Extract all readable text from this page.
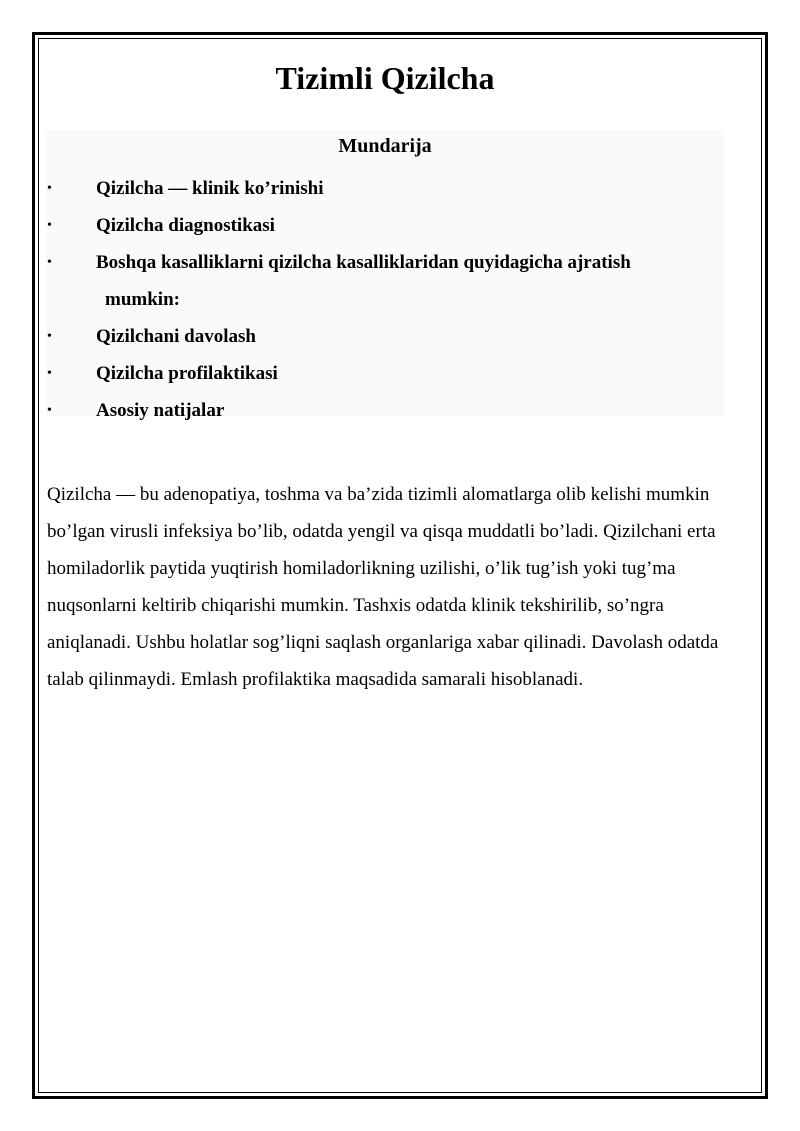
Tizimli Qizilcha
Mundarija
• Qizilcha — klinik ko’rinishi
• Qizilcha diagnostikasi
• Boshqa kasalliklarni qizilcha kasalliklaridan quyidagicha ajratish
mumkin:
• Qizilchani davolash
• Qizilcha profilaktikasi
• Asosiy natijalar

Qizilcha — bu adenopatiya, toshma va ba’zida tizimli alomatlarga olib kelishi mumkin bo’lgan virusli infeksiya bo’lib, odatda yengil va qisqa muddatli bo’ladi. Qizilchani erta homiladorlik paytida yuqtirish homiladorlikning uzilishi, o’lik tug’ish yoki tug’ma nuqsonlarni keltirib chiqarishi mumkin. Tashxis odatda klinik tekshirilib, so’ngra aniqlanadi. Ushbu holatlar sog’liqni saqlash organlariga xabar qilinadi. Davolash odatda talab qilinmaydi. Emlash profilaktika maqsadida samarali hisoblanadi.
